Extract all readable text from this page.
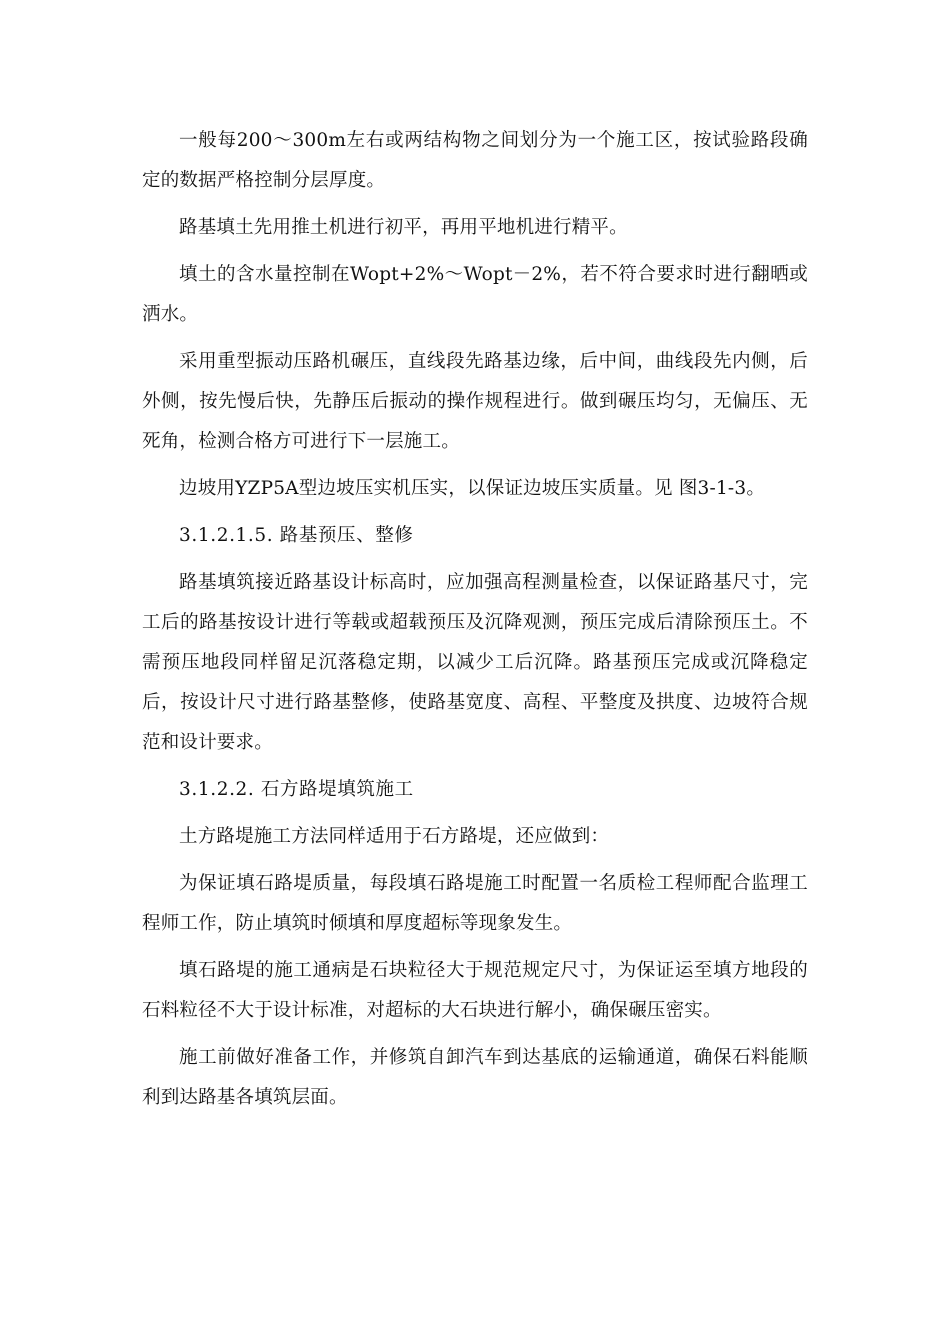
一般每200～300m左右或两结构物之间划分为一个施工区，按试验路段确定的数据严格控制分层厚度。

路基填土先用推土机进行初平，再用平地机进行精平。

填土的含水量控制在Wopt+2%～Wopt－2%，若不符合要求时进行翻晒或洒水。

采用重型振动压路机碾压，直线段先路基边缘，后中间，曲线段先内侧，后外侧，按先慢后快，先静压后振动的操作规程进行。做到碾压均匀，无偏压、无死角，检测合格方可进行下一层施工。

边坡用YZP5A型边坡压实机压实，以保证边坡压实质量。见 图3-1-3。

3.1.2.1.5. 路基预压、整修

路基填筑接近路基设计标高时，应加强高程测量检查，以保证路基尺寸，完工后的路基按设计进行等载或超载预压及沉降观测，预压完成后清除预压土。不需预压地段同样留足沉落稳定期，以减少工后沉降。路基预压完成或沉降稳定后，按设计尺寸进行路基整修，使路基宽度、高程、平整度及拱度、边坡符合规范和设计要求。

3.1.2.2. 石方路堤填筑施工

土方路堤施工方法同样适用于石方路堤，还应做到：

为保证填石路堤质量，每段填石路堤施工时配置一名质检工程师配合监理工程师工作，防止填筑时倾填和厚度超标等现象发生。

填石路堤的施工通病是石块粒径大于规范规定尺寸，为保证运至填方地段的石料粒径不大于设计标准，对超标的大石块进行解小，确保碾压密实。

施工前做好准备工作，并修筑自卸汽车到达基底的运输通道，确保石料能顺利到达路基各填筑层面。
